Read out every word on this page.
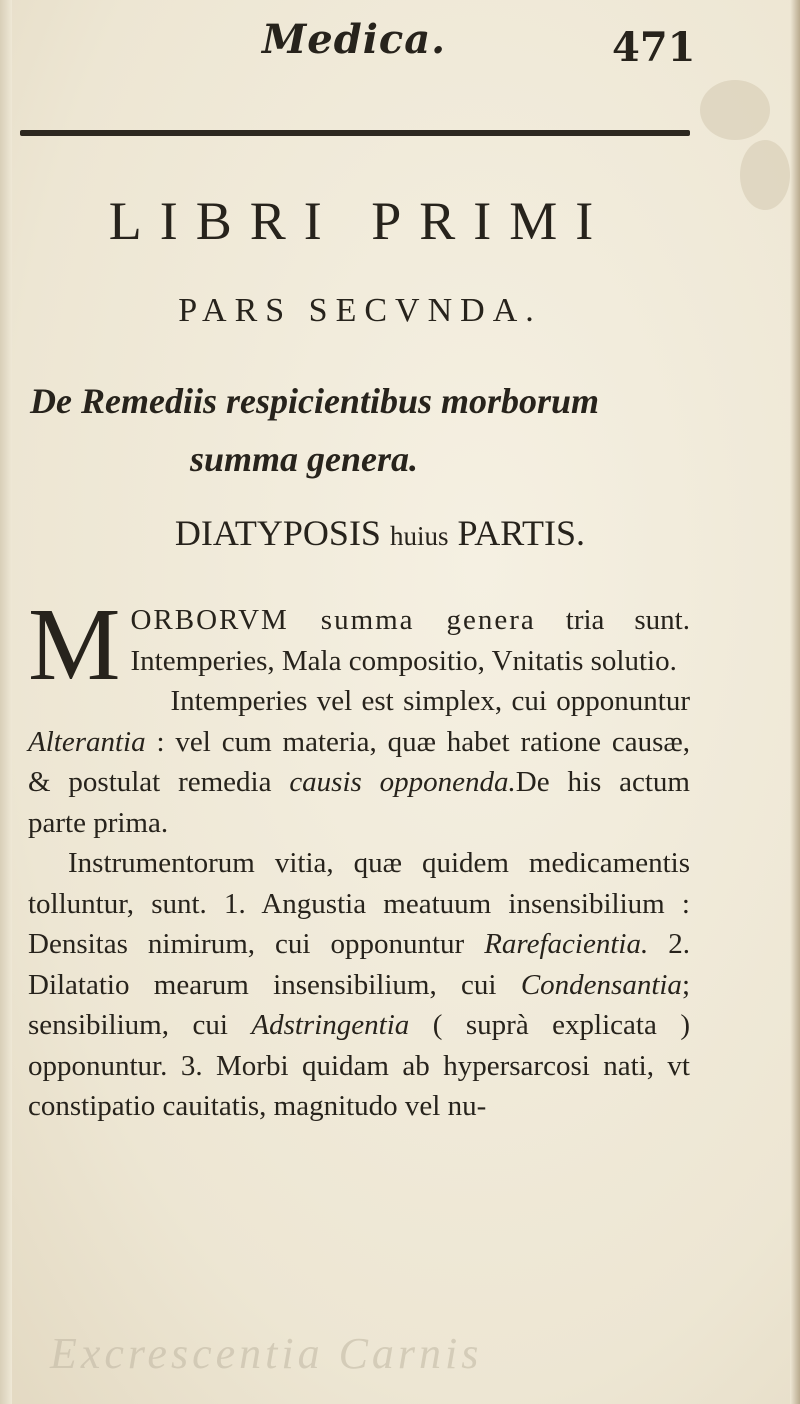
Medica.	471
LIBRI PRIMI
PARS SECVNDA.
De Remediis respicientibus morborum
summa genera.
DIATYPOSIS huius PARTIS.

M ORBORVM summa genera tria sunt. Intemperies, Mala compositio, Vnitatis solutio.

Intemperies vel est simplex, cui opponuntur Alterantia : vel cum materia, quæ habet ratione causæ, & postulat remedia causis opponenda.De his actum parte prima.

Instrumentorum vitia, quæ quidem medicamentis tolluntur, sunt. 1. Angustia meatuum insensibilium : Densitas nimirum, cui opponuntur Rarefacientia. 2. Dilatatio mearum insensibilium, cui Condensantia; sensibilium, cui Adstringentia ( suprà explicata ) opponuntur. 3. Morbi quidam ab hypersarcosi nati, vt constipatio cauitatis, magnitudo vel nu-

Excrescentia Carnis
